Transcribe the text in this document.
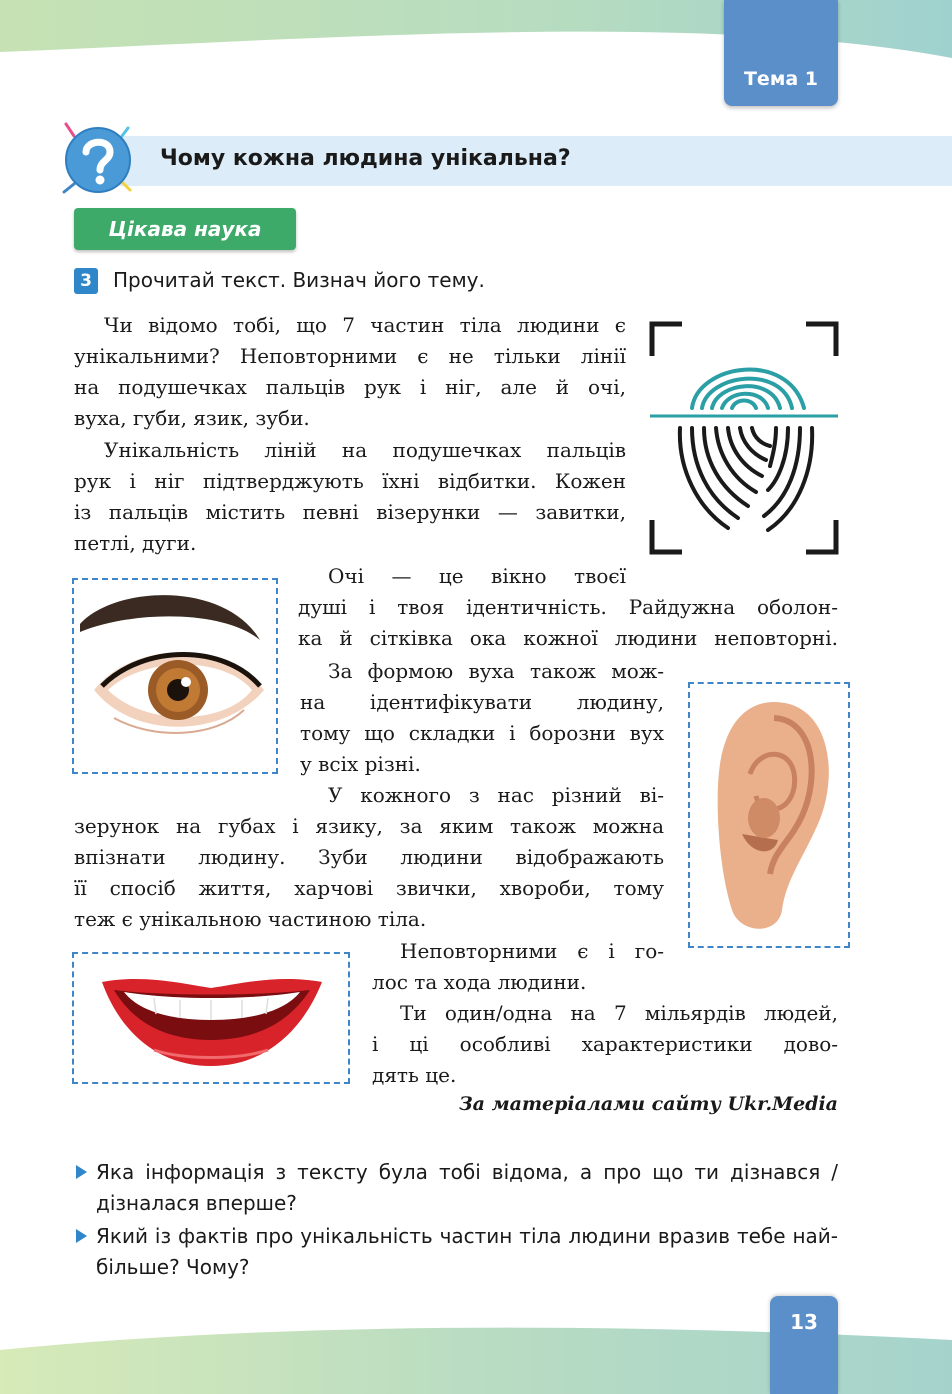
Тема 1
Чому кожна людина унікальна?
Цікава наука
3	Прочитай текст. Визнач його тему.
Чи відомо тобі, що 7 частин тіла людини є
унікальними? Неповторними є не тільки лінії
на подушечках пальців рук і ніг, але й очі,
вуха, губи, язик, зуби.
Унікальність ліній на подушечках пальців
рук і ніг підтверджують їхні відбитки. Кожен
із пальців містить певні візерунки — завитки,
петлі, дуги.
Очі — це вікно твоєї
душі і твоя ідентичність. Райдужна оболон-
ка й сітківка ока кожної людини неповторні.
За формою вуха також мож-
на ідентифікувати людину,
тому що складки і борозни вух
у всіх різні.
У кожного з нас різний ві-
зерунок на губах і язику, за яким також можна
впізнати людину. Зуби людини відображають
її спосіб життя, харчові звички, хвороби, тому
теж є унікальною частиною тіла.
Неповторними є і го-
лос та хода людини.
Ти один/одна на 7 мільярдів людей,
і ці особливі характеристики дово-
дять це.
За матеріалами сайту Ukr.Media
Яка інформація з тексту була тобі відома, а про що ти дізнався /
дізналася вперше?
Який із фактів про унікальність частин тіла людини вразив тебе най-
більше? Чому?
13
